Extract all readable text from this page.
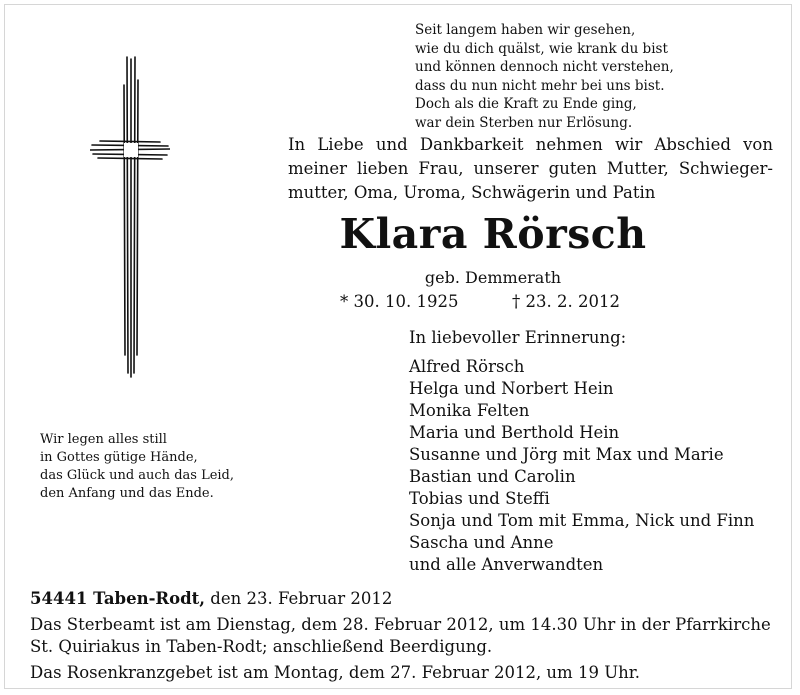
Seit langem haben wir gesehen,
wie du dich quälst, wie krank du bist
und können dennoch nicht verstehen,
dass du nun nicht mehr bei uns bist.
Doch als die Kraft zu Ende ging,
war dein Sterben nur Erlösung.
Wir legen alles still
in Gottes gütige Hände,
das Glück und auch das Leid,
den Anfang und das Ende.
In Liebe und Dankbarkeit nehmen wir Abschied von
meiner lieben Frau, unserer guten Mutter, Schwieger-
mutter, Oma, Uroma, Schwägerin und Patin
Klara Rörsch
geb. Demmerath
* 30. 10. 1925	† 23. 2. 2012
In liebevoller Erinnerung:
Alfred Rörsch
Helga und Norbert Hein
Monika Felten
Maria und Berthold Hein
Susanne und Jörg mit Max und Marie
Bastian und Carolin
Tobias und Steffi
Sonja und Tom mit Emma, Nick und Finn
Sascha und Anne
und alle Anverwandten
54441 Taben-Rodt, den 23. Februar 2012
Das Sterbeamt ist am Dienstag, dem 28. Februar 2012, um 14.30 Uhr in der Pfarrkirche
St. Quiriakus in Taben-Rodt; anschließend Beerdigung.
Das Rosenkranzgebet ist am Montag, dem 27. Februar 2012, um 19 Uhr.
